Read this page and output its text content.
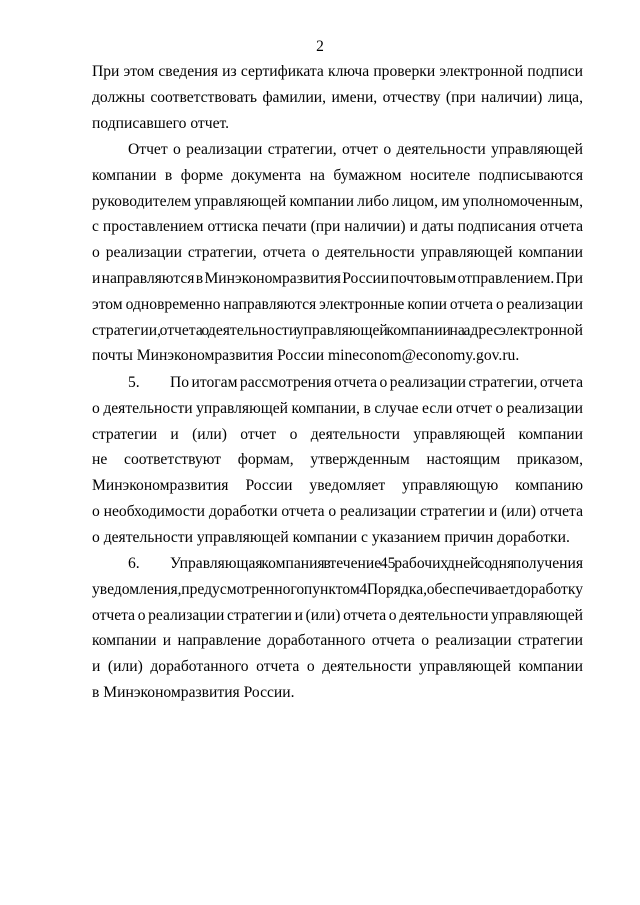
2
При этом сведения из сертификата ключа проверки электронной подписи
должны соответствовать фамилии, имени, отчеству (при наличии) лица,
подписавшего отчет.
Отчет о реализации стратегии, отчет о деятельности управляющей
компании в форме документа на бумажном носителе подписываются
руководителем управляющей компании либо лицом, им уполномоченным,
с проставлением оттиска печати (при наличии) и даты подписания отчета
о реализации стратегии, отчета о деятельности управляющей компании
и направляются в Минэкономразвития России почтовым отправлением. При
этом одновременно направляются электронные копии отчета о реализации
стратегии, отчета о деятельности управляющей компании на адрес электронной
почты Минэкономразвития России mineconom@economy.gov.ru.
5.	По итогам рассмотрения отчета о реализации стратегии, отчета
о деятельности управляющей компании, в случае если отчет о реализации
стратегии и (или) отчет о деятельности управляющей компании
не соответствуют формам, утвержденным настоящим приказом,
Минэкономразвития России уведомляет управляющую компанию
о необходимости доработки отчета о реализации стратегии и (или) отчета
о деятельности управляющей компании с указанием причин доработки.
6.	Управляющая компания в течение 45 рабочих дней со дня получения
уведомления, предусмотренного пунктом 4 Порядка, обеспечивает доработку
отчета о реализации стратегии и (или) отчета о деятельности управляющей
компании и направление доработанного отчета о реализации стратегии
и (или) доработанного отчета о деятельности управляющей компании
в Минэкономразвития России.
